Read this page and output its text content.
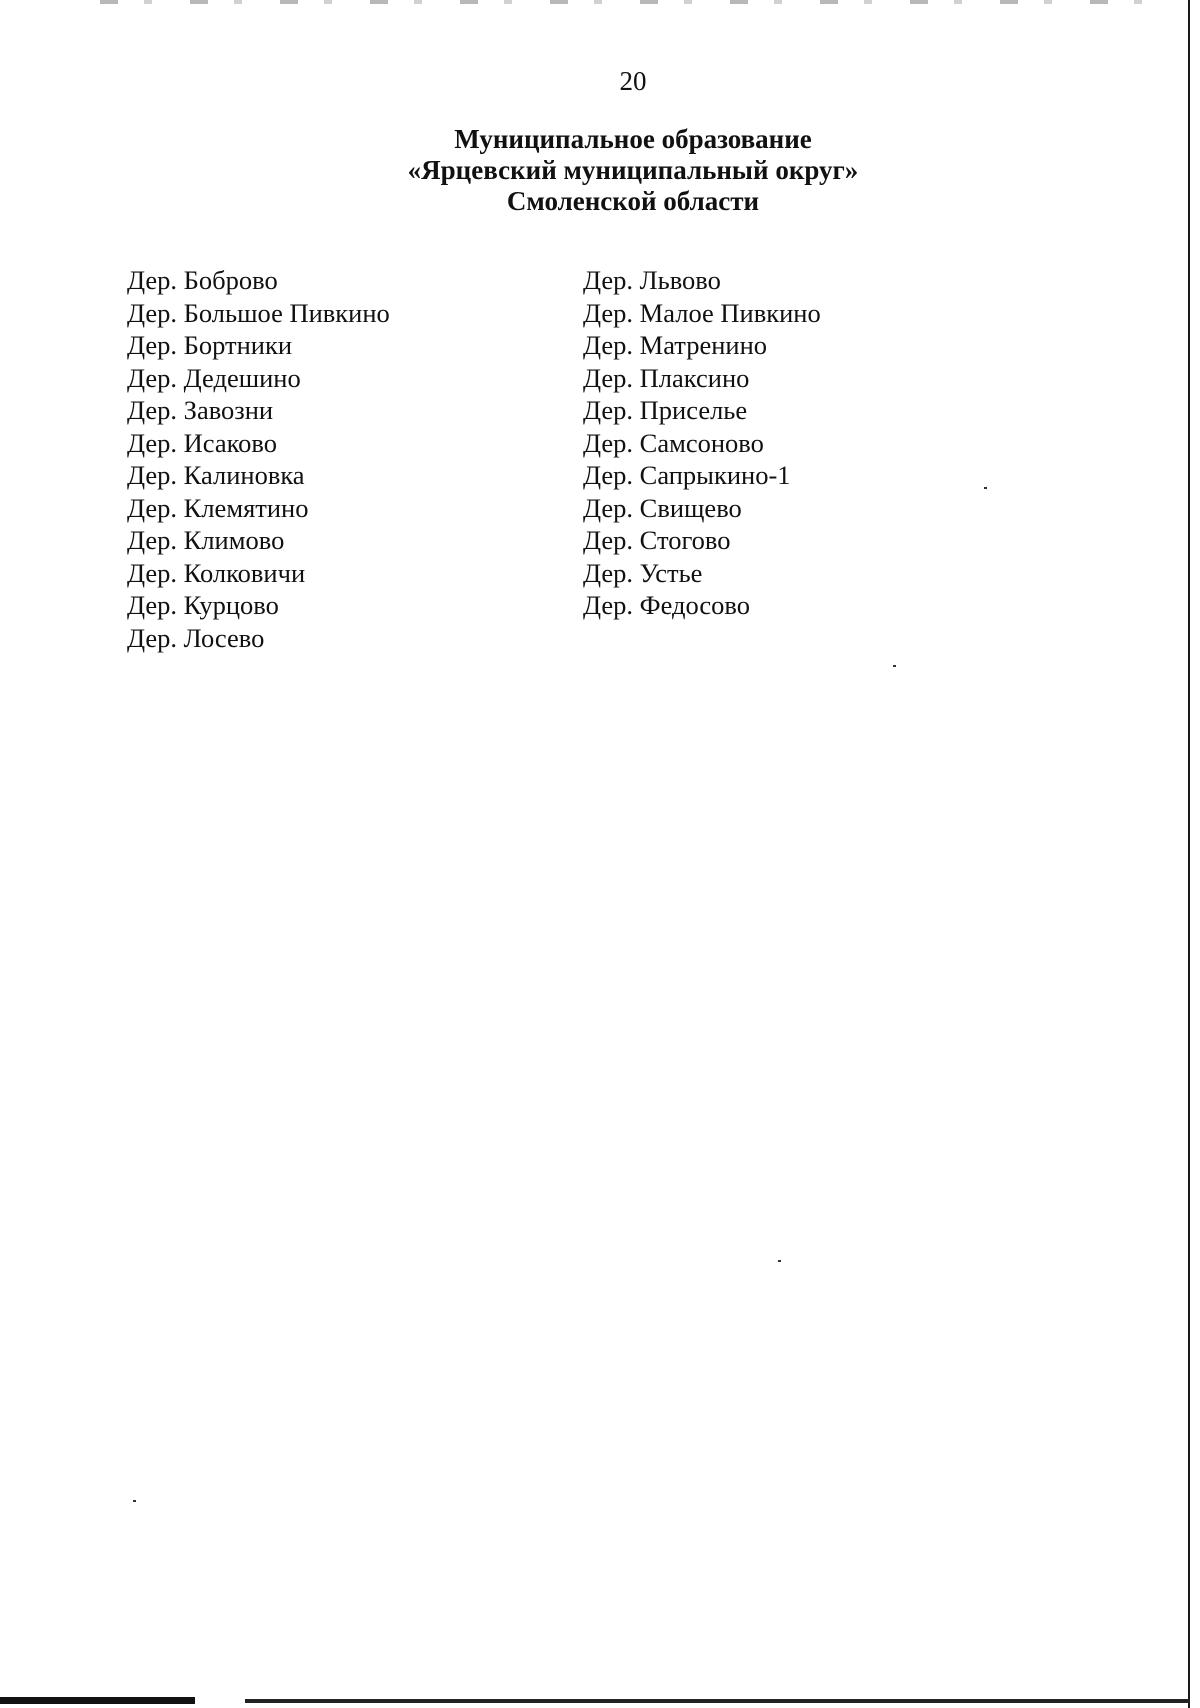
20
Муниципальное образование
«Ярцевский муниципальный округ»
Смоленской области
Дер. Боброво
Дер. Большое Пивкино
Дер. Бортники
Дер. Дедешино
Дер. Завозни
Дер. Исаково
Дер. Калиновка
Дер. Клемятино
Дер. Климово
Дер. Колковичи
Дер. Курцово
Дер. Лосево
Дер. Львово
Дер. Малое Пивкино
Дер. Матренино
Дер. Плаксино
Дер. Приселье
Дер. Самсоново
Дер. Сапрыкино-1
Дер. Свищево
Дер. Стогово
Дер. Устье
Дер. Федосово
